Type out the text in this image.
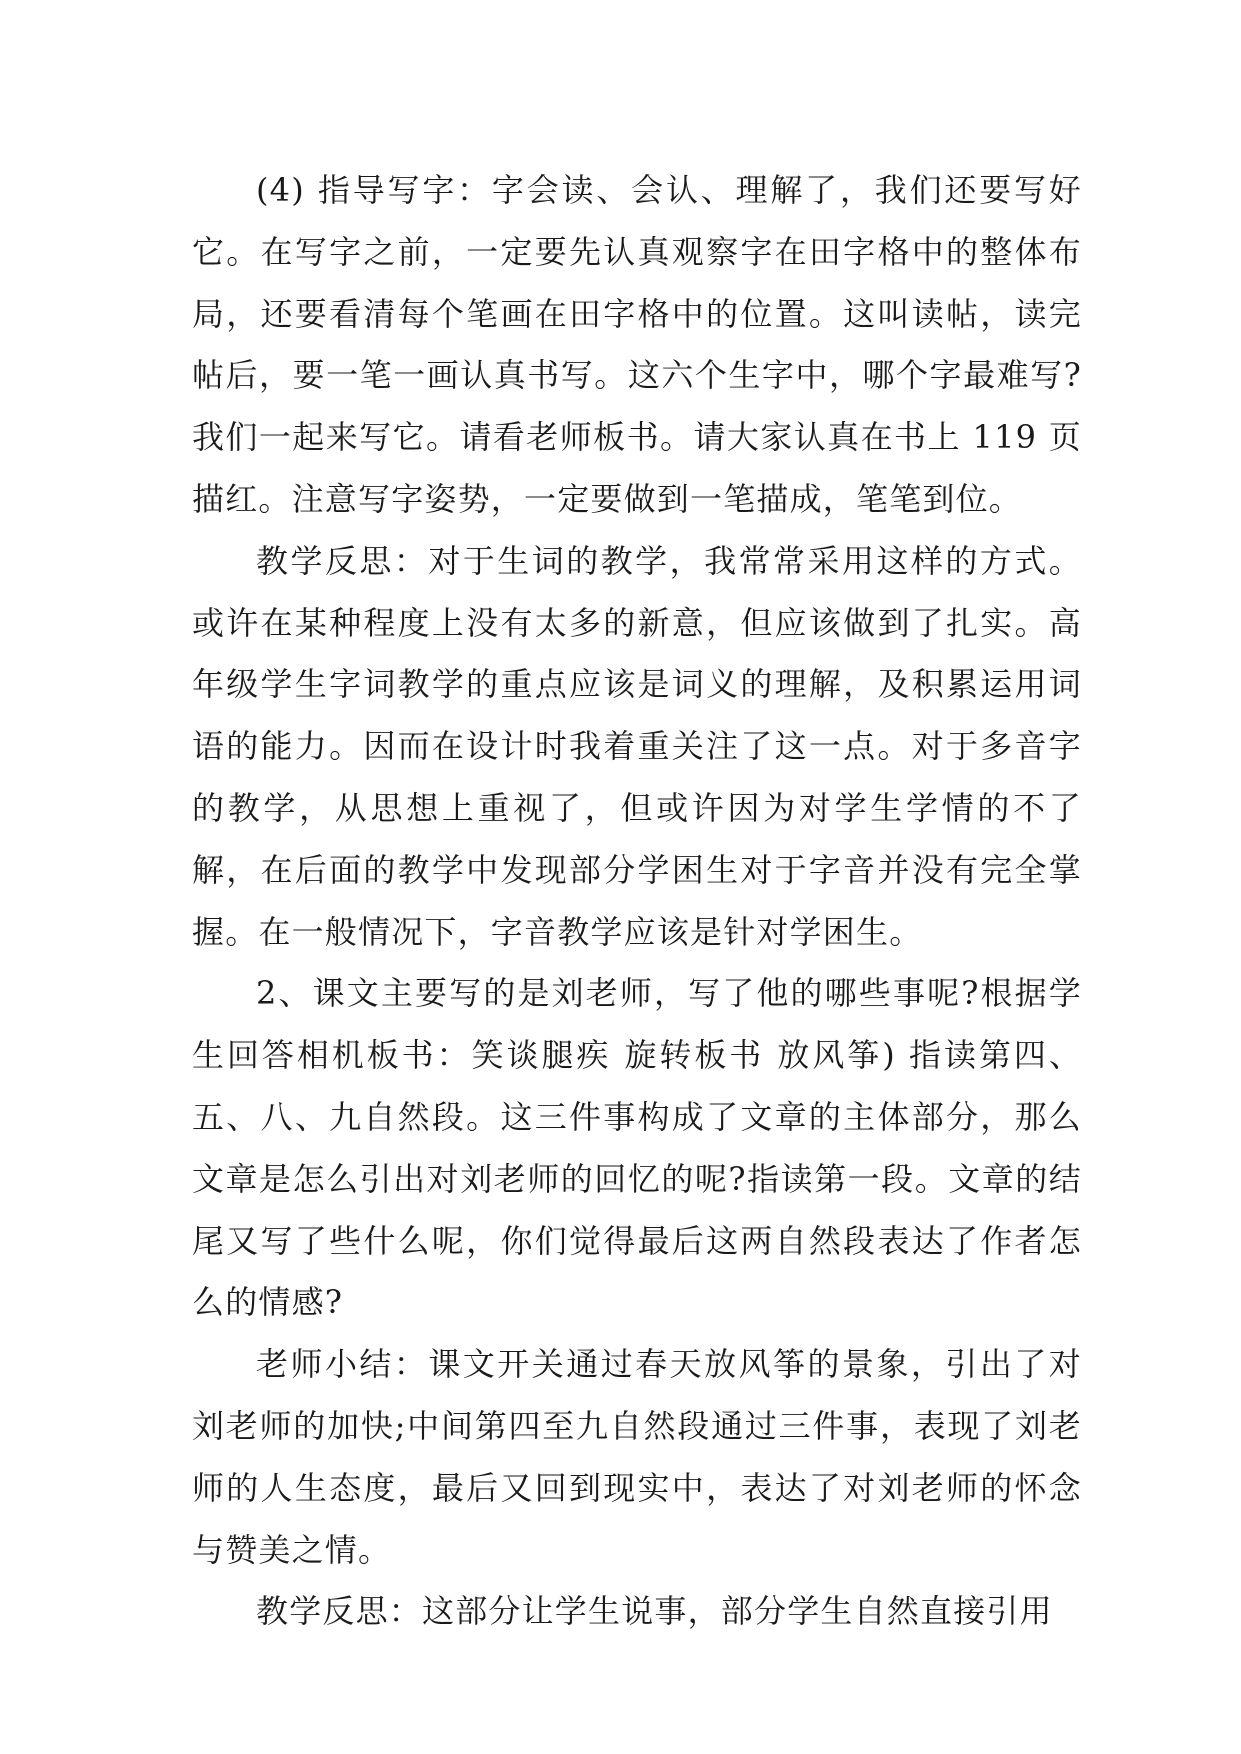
(4) 指导写字：字会读、会认、理解了，我们还要写好它。在写字之前，一定要先认真观察字在田字格中的整体布局，还要看清每个笔画在田字格中的位置。这叫读帖，读完帖后，要一笔一画认真书写。这六个生字中，哪个字最难写?我们一起来写它。请看老师板书。请大家认真在书上 119 页描红。注意写字姿势，一定要做到一笔描成，笔笔到位。

教学反思：对于生词的教学，我常常采用这样的方式。或许在某种程度上没有太多的新意，但应该做到了扎实。高年级学生字词教学的重点应该是词义的理解，及积累运用词语的能力。因而在设计时我着重关注了这一点。对于多音字的教学，从思想上重视了，但或许因为对学生学情的不了解，在后面的教学中发现部分学困生对于字音并没有完全掌握。在一般情况下，字音教学应该是针对学困生。

2、课文主要写的是刘老师，写了他的哪些事呢?根据学生回答相机板书：笑谈腿疾 旋转板书 放风筝) 指读第四、五、八、九自然段。这三件事构成了文章的主体部分，那么文章是怎么引出对刘老师的回忆的呢?指读第一段。文章的结尾又写了些什么呢，你们觉得最后这两自然段表达了作者怎么的情感?

老师小结：课文开关通过春天放风筝的景象，引出了对刘老师的加快;中间第四至九自然段通过三件事，表现了刘老师的人生态度，最后又回到现实中，表达了对刘老师的怀念与赞美之情。

教学反思：这部分让学生说事，部分学生自然直接引用
